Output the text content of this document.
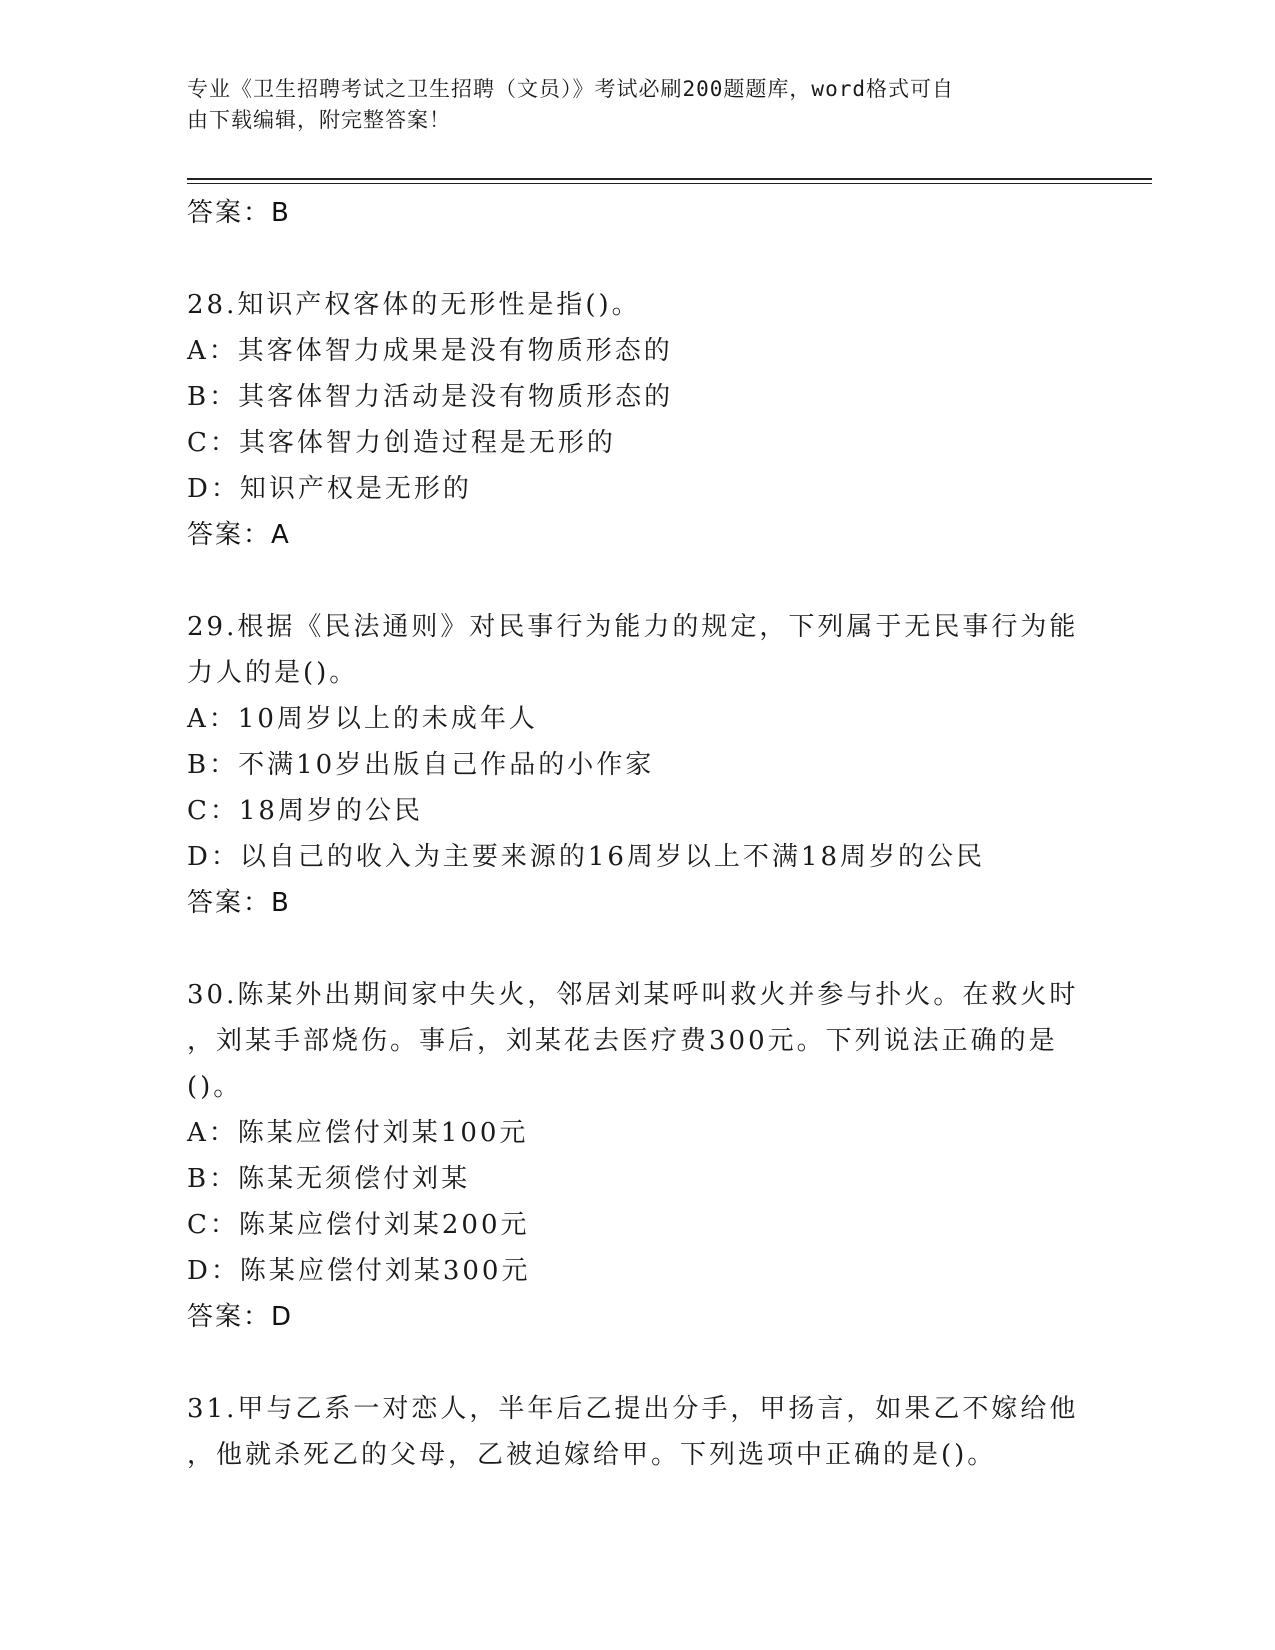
专业《卫生招聘考试之卫生招聘（文员）》考试必刷200题题库，word格式可自
由下载编辑，附完整答案！
答案：B
28.知识产权客体的无形性是指()。
A：其客体智力成果是没有物质形态的
B：其客体智力活动是没有物质形态的
C：其客体智力创造过程是无形的
D：知识产权是无形的
答案：A
29.根据《民法通则》对民事行为能力的规定，下列属于无民事行为能
力人的是()。
A：10周岁以上的未成年人
B：不满10岁出版自己作品的小作家
C：18周岁的公民
D：以自己的收入为主要来源的16周岁以上不满18周岁的公民
答案：B
30.陈某外出期间家中失火，邻居刘某呼叫救火并参与扑火。在救火时
，刘某手部烧伤。事后，刘某花去医疗费300元。下列说法正确的是
()。
A：陈某应偿付刘某100元
B：陈某无须偿付刘某
C：陈某应偿付刘某200元
D：陈某应偿付刘某300元
答案：D
31.甲与乙系一对恋人，半年后乙提出分手，甲扬言，如果乙不嫁给他
，他就杀死乙的父母，乙被迫嫁给甲。下列选项中正确的是()。
